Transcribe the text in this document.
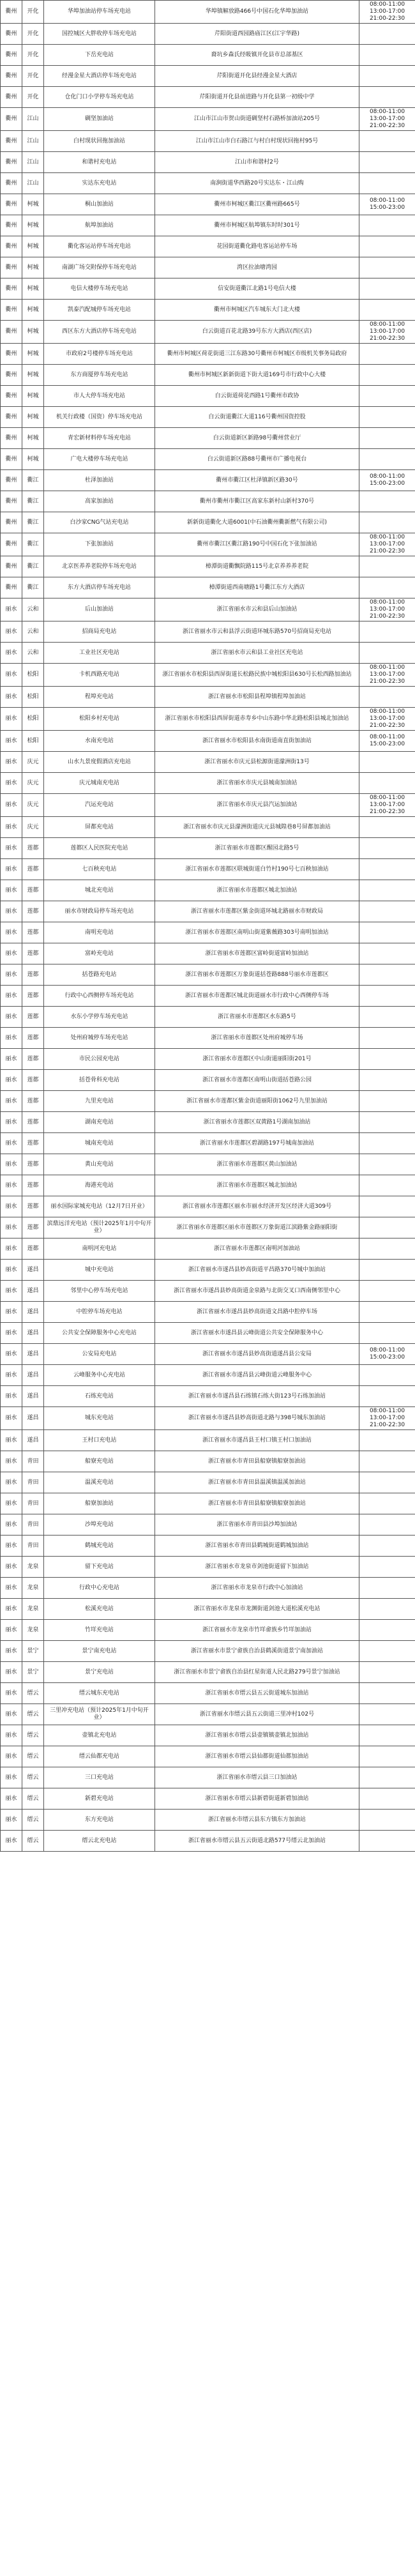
衢州	开化	华埠加油站停车场充电站	华埠镇解放路466号中国石化华埠加油站	08:00-11:00
13:00-17:00
21:00-22:30
衢州	开化	国控城区大胖收停车场充电站	芹阳街道西园路庙江区(江宇华路)	
衢州	开化	下岳充电站	裔坑乡森氏经吸镇开化县市总部基区	
衢州	开化	经漫金星大酒店停车场充电站	芹阳街道开化县经漫金星大酒店	
衢州	开化	仓化门口小学停车场充电站	芹阳街道开化县前进路与开化县第一初级中学	
衢州	江山	碉坚加油站	江山市江山市贺山街道碉坚村石路桥加油站205号	08:00-11:00
13:00-17:00
21:00-22:30
衢州	江山	白村现状回拖加油站	江山市江山市白石路江与村白村现状回拖村95号	
衢州	江山	和谐村充电站	江山市和谐村2号	
衢州	江山	实达东充电站	南涧街道华西路20号实达东・江山购	
衢州	柯城	桐山加油站	衢州市柯城区衢江区衢州路665号	08:00-11:00
15:00-23:00
衢州	柯城	航埠加油站	衢州市柯城区航埠镇东时时301号	
衢州	柯城	衢化客运站停车场充电站	花园街道衢化路电客运站停车场	
衢州	柯城	南湖广场交附保停车场充电站	湾区拉油塘湾园	
衢州	柯城	电信大楼停车场充电站	信安街道衢江北路1号电信大楼	
衢州	柯城	凯泰汽配城停车场充电站	衢州市柯城区汽车城东大门北大楼	
衢州	柯城	西区东方大酒店停车场充电站	白云街道百花北路39号东方大酒店(西区店)	08:00-11:00
13:00-17:00
21:00-22:30
衢州	柯城	市政府2号楼停车场充电站	衢州市柯城区荷花街道三江东路30号衢州市柯城区市级机关事务局政府	
衢州	柯城	东方商厦停车场充电站	衢州市柯城区新新街道下街大道169号市行政中心大楼	
衢州	柯城	市人大停车场充电站	白云街道荷花西路1号衢州市政协	
衢州	柯城	机关行政楼（国资）停车场充电站	白云街道衢江大道116号衢州国资控股	
衢州	柯城	青宏新材料停车场充电站	白云街道新区新路98号衢州营业厅	
衢州	柯城	广电大楼停车场充电站	白云街道新区路88号衢州市广播电视台	
衢州	衢江	杜泽加油站	衢州市衢江区杜泽镇新区路30号	08:00-11:00
15:00-23:00
衢州	衢江	高家加油站	衢州市衢州市衢江区高家东新村山新村370号	
衢州	衢江	白沙家CNG气站充电站	新新街道衢化大道6001(中石油衢州衢新燃气有限公司)	
衢州	衢江	下张加油站	衢州市衢江区衢江路190号中国石化下张加油站	08:00-11:00
13:00-17:00
21:00-22:30
衢州	衢江	北京医养养老院停车场充电站	樟潭街道衢飘院路115号北京养养养老院	
衢州	衢江	东方大酒店停车场充电站	樟潭街道西南塘路1号衢江东方大酒店	
丽水	云和	后山加油站	浙江省丽水市云和县后山加油站	08:00-11:00
13:00-17:00
21:00-22:30
丽水	云和	招商局充电站	浙江省丽水市云和县浮云街道环城东路570号招商局充电站	
丽水	云和	工业社区充电站	浙江省丽水市云和县工业社区充电站	
丽水	松阳	卡机西路充电站	浙江省丽水市松阳县西屏街道长松路民族中城松阳县630号长松西路加油站	08:00-11:00
13:00-17:00
21:00-22:30
丽水	松阳	程埠充电站	浙江省丽水市松阳县程埠镇程埠加油站	
丽水	松阳	松阳乡村充电站	浙江省丽水市松阳县西屏街道赤寿乡中山东路中华北路松阳县城北加油站	08:00-11:00
13:00-17:00
21:00-22:30
丽水	松阳	水南充电站	浙江省丽水市松阳县水南街道南直街加油站	08:00-11:00
15:00-23:00
丽水	庆元	山水九景度假酒店充电站	浙江省丽水市庆元县松源街道濛洲街13号	
丽水	庆元	庆元城南充电站	浙江省丽水市庆元县城南加油站	
丽水	庆元	汽运充电站	浙江省丽水市庆元县汽运加油站	08:00-11:00
13:00-17:00
21:00-22:30
丽水	庆元	屏都充电站	浙江省丽水市庆元县濛洲街道庆元县城隍巷8号屏都加油站	
丽水	莲都	莲都区人民医院充电站	浙江省丽水市莲都区醒园北路5号	
丽水	莲都	七百秧充电站	浙江省丽水市莲都区联城街道白竹村190号七百秧加油站	
丽水	莲都	城北充电站	浙江省丽水市莲都区城北加油站	
丽水	莲都	丽水市财政局停车场充电站	浙江省丽水市莲都区紫金街道环城北路丽水市财政局	
丽水	莲都	南明充电站	浙江省丽水市莲都区南明山街道紫薇路303号南明加油站	
丽水	莲都	富岭充电站	浙江省丽水市莲都区富岭街道富岭加油站	
丽水	莲都	括苍路充电站	浙江省丽水市莲都区万象街道括苍路888号丽水市莲都区	
丽水	莲都	行政中心西侧停车场充电站	浙江省丽水市莲都区城北街道丽水市行政中心西侧停车场	
丽水	莲都	水东小学停车场充电站	浙江省丽水市莲都区水东路5号	
丽水	莲都	处州府城停车场充电站	浙江省丽水市莲都区处州府城停车场	
丽水	莲都	市民公园充电站	浙江省丽水市莲都区中山街道丽阳街201号	
丽水	莲都	括苍骨科充电站	浙江省丽水市莲都区南明山街道括苍路公园	
丽水	莲都	九里充电站	浙江省丽水市莲都区紫金街道丽阳街1062号九里加油站	
丽水	莲都	湖南充电站	浙江省丽水市莲都区双黄路1号湖南加油站	
丽水	莲都	城南充电站	浙江省丽水市莲都区碧湖路197号城南加油站	
丽水	莲都	黄山充电站	浙江省丽水市莲都区黄山加油站	
丽水	莲都	海港充电站	浙江省丽水市莲都区城北加油站	
丽水	莲都	丽水国际家城充电站（12月7日开业）	浙江省丽水市莲都区丽水市丽水经济开发区经济大道309号	
丽水	莲都	滨鼎远洋充电站（预计2025年1月中旬开业）	浙江省丽水市莲都区丽水市莲都区万象街道江滨路紫金路丽阳街	
丽水	莲都	南明河充电站	浙江省丽水市莲都区南明河加油站	
丽水	遂昌	城中充电站	浙江省丽水市遂昌县妙高街道平昌路370号城中加油站	
丽水	遂昌	邻里中心停车场充电站	浙江省丽水市遂昌县妙高街道金泉路与北街交叉口西南侧邻里中心	
丽水	遂昌	中腔停车场充电站	浙江省丽水市遂昌县妙高街道文昌路中腔停车场	
丽水	遂昌	公共安全保障服务中心充电站	浙江省丽水市遂昌县云峰街道公共安全保障服务中心	
丽水	遂昌	公安局充电站	浙江省丽水市遂昌县妙高街道遂昌县公安局	08:00-11:00
15:00-23:00
丽水	遂昌	云峰服务中心充电站	浙江省丽水市遂昌县云峰街道云峰服务中心	
丽水	遂昌	石练充电站	浙江省丽水市遂昌县石练镇石练大街123号石练加油站	
丽水	遂昌	城东充电站	浙江省丽水市遂昌县妙高街道北路与398号城东加油站	08:00-11:00
13:00-17:00
21:00-22:30
丽水	遂昌	王村口充电站	浙江省丽水市遂昌县王村口镇王村口加油站	
丽水	青田	船寮充电站	浙江省丽水市青田县船寮镇船寮加油站	
丽水	青田	温溪充电站	浙江省丽水市青田县温溪镇温溪加油站	
丽水	青田	船寮加油站	浙江省丽水市青田县船寮镇船寮加油站	
丽水	青田	沙埠充电站	浙江省丽水市青田县沙埠加油站	
丽水	青田	鹤城充电站	浙江省丽水市青田县鹤城街道鹤城加油站	
丽水	龙泉	留下充电站	浙江省丽水市龙泉市剑池街道留下加油站	
丽水	龙泉	行政中心充电站	浙江省丽水市龙泉市行政中心加油站	
丽水	龙泉	松溪充电站	浙江省丽水市龙泉市龙渊街道剑池大道松溪充电站	
丽水	龙泉	竹垟充电站	浙江省丽水市龙泉市竹垟畲族乡竹垟加油站	
丽水	景宁	景宁南充电站	浙江省丽水市景宁畲族自治县鹤溪街道景宁南加油站	
丽水	景宁	景宁充电站	浙江省丽水市景宁畲族自治县红星街道人民北路279号景宁加油站	
丽水	缙云	缙云城东充电站	浙江省丽水市缙云县五云街道城东加油站	
丽水	缙云	三里冲充电站（预计2025年1月中旬开业）	浙江省丽水市缙云县五云街道三里冲村102号	
丽水	缙云	壶镇北充电站	浙江省丽水市缙云县壶镇镇壶镇北加油站	
丽水	缙云	缙云仙都充电站	浙江省丽水市缙云县仙都街道仙都加油站	
丽水	缙云	三口充电站	浙江省丽水市缙云县三口加油站	
丽水	缙云	新碧充电站	浙江省丽水市缙云县新碧街道新碧加油站	
丽水	缙云	东方充电站	浙江省丽水市缙云县东方镇东方加油站	
丽水	缙云	缙云北充电站	浙江省丽水市缙云县五云街道北路577号缙云北加油站	
